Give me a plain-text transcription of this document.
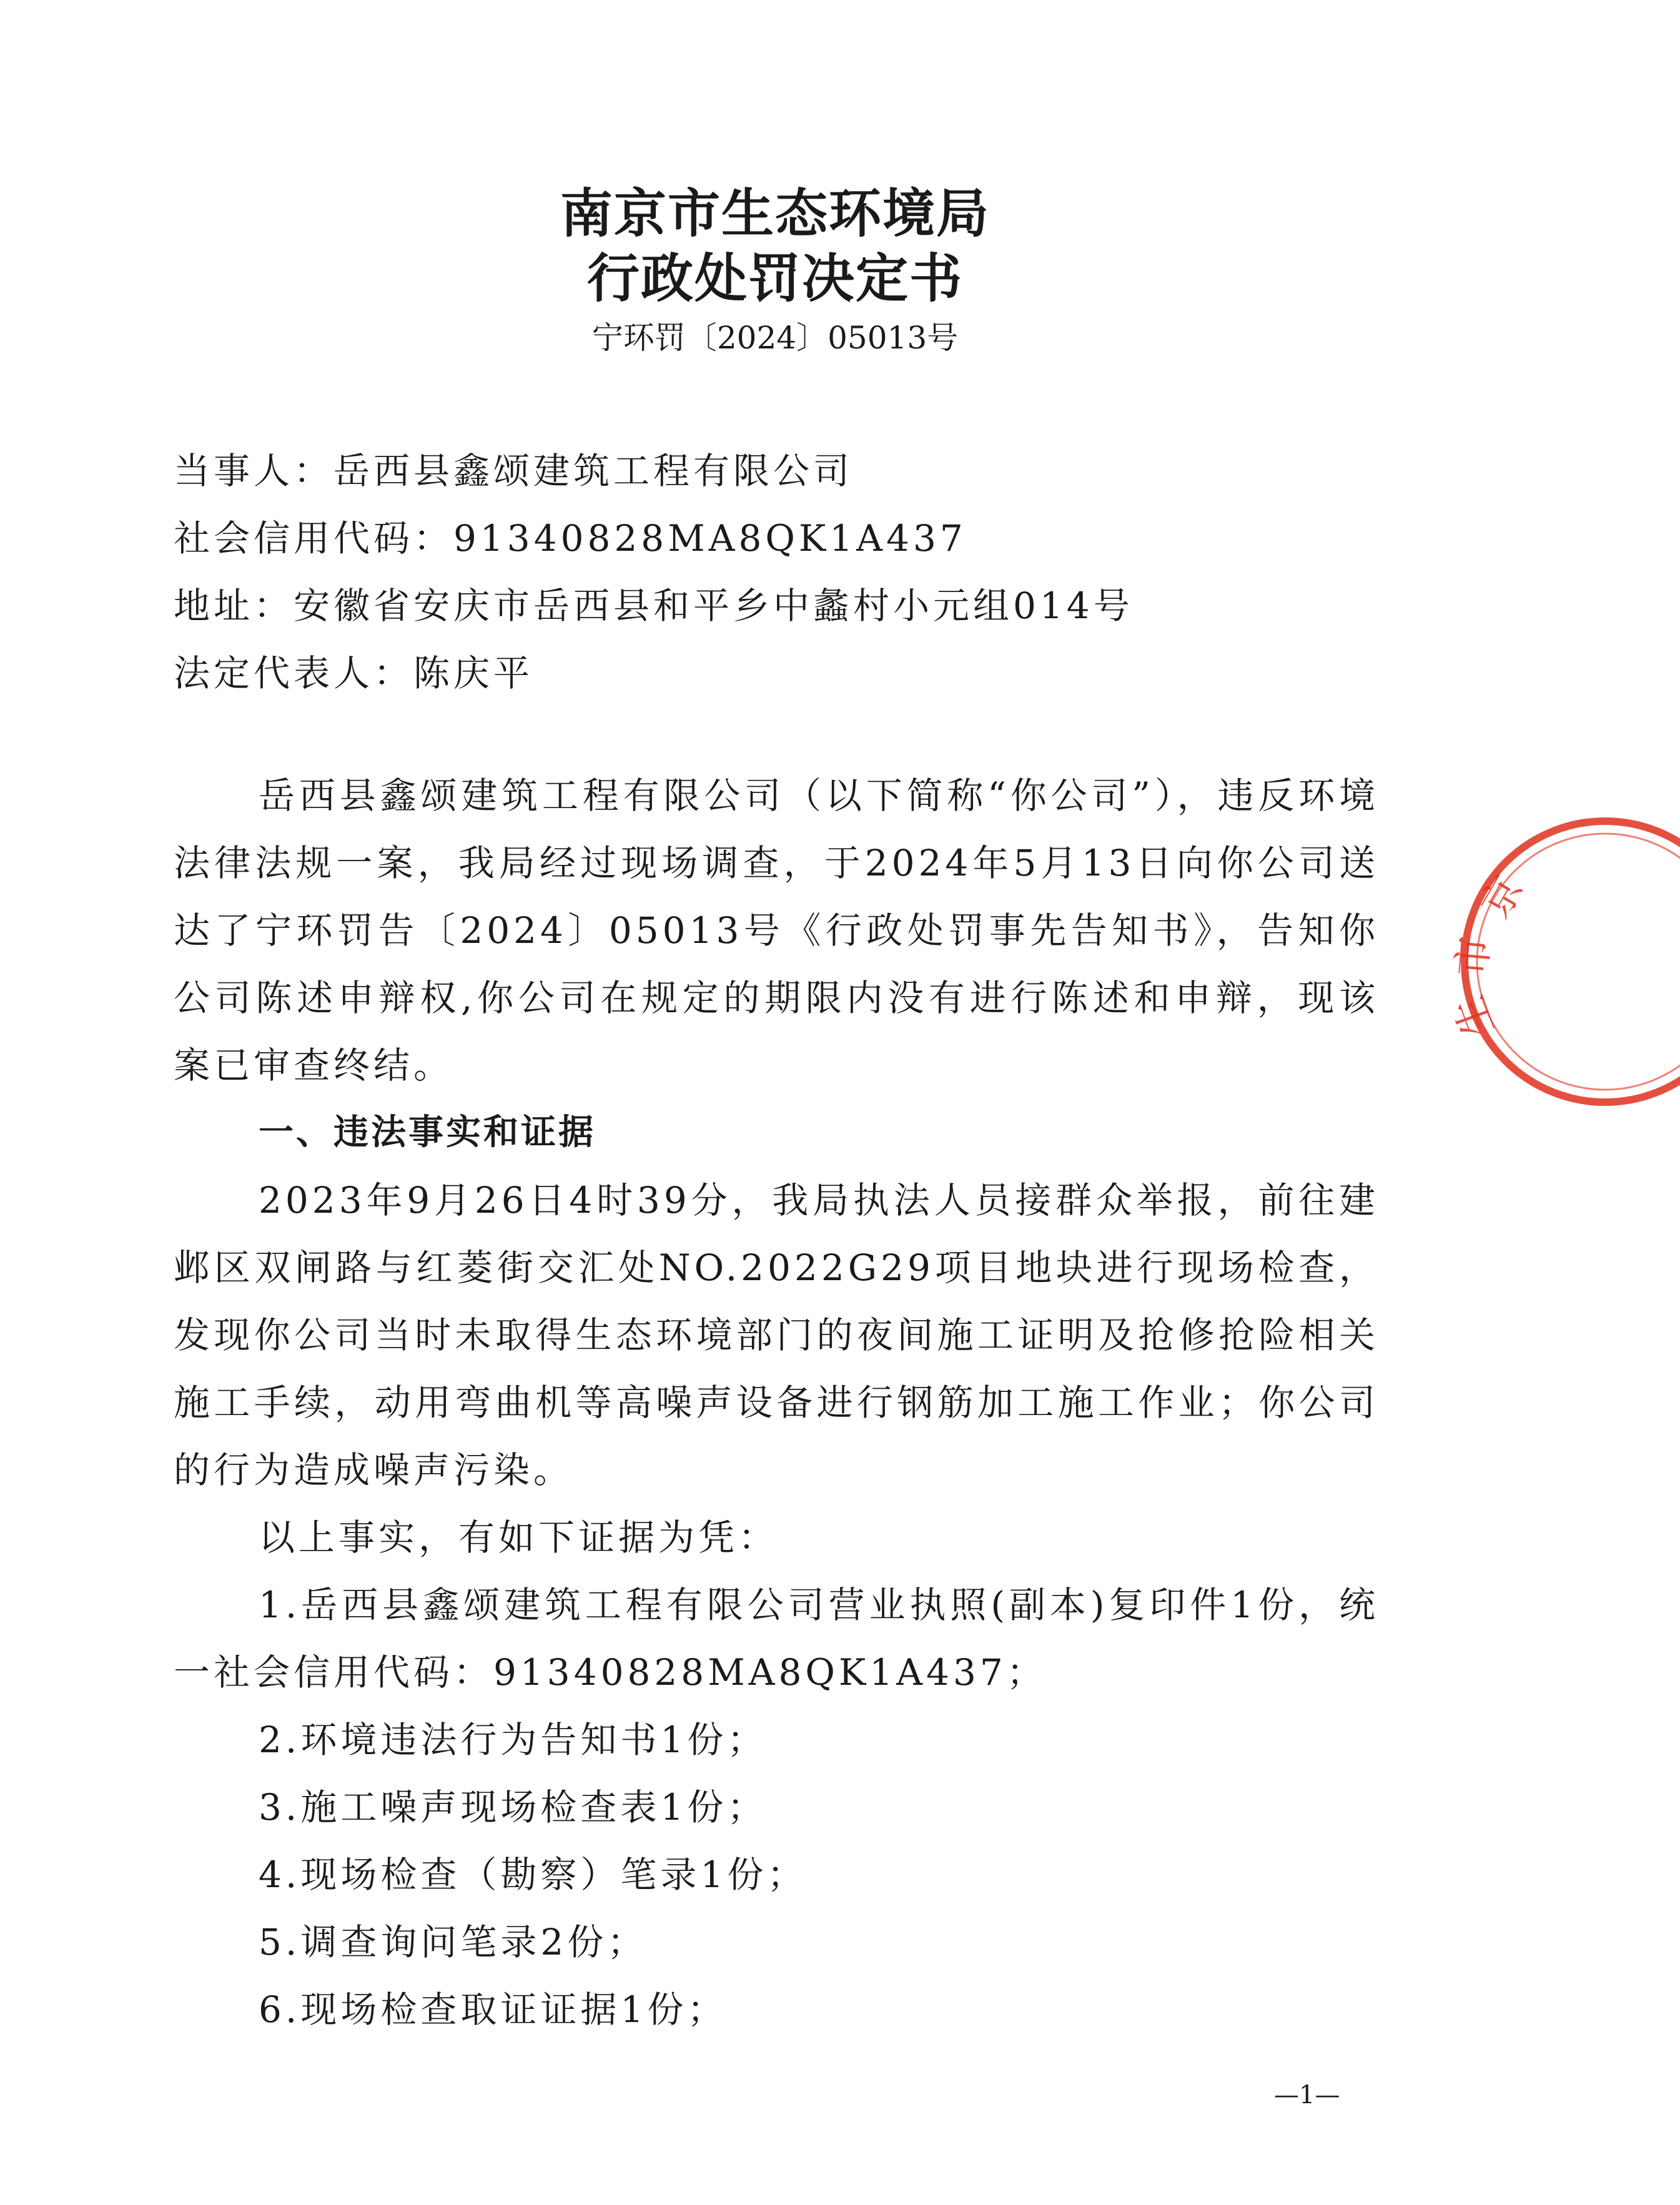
南京市生态环境局
行政处罚决定书
宁环罚〔2024〕05013号
当事人：岳西县鑫颂建筑工程有限公司
社会信用代码：91340828MA8QK1A437
地址：安徽省安庆市岳西县和平乡中蠡村小元组014号
法定代表人：陈庆平

岳西县鑫颂建筑工程有限公司（以下简称“你公司”），违反环境法律法规一案，我局经过现场调查，于2024年5月13日向你公司送达了宁环罚告〔2024〕05013号《行政处罚事先告知书》，告知你公司陈述申辩权,你公司在规定的期限内没有进行陈述和申辩，现该案已审查终结。

一、违法事实和证据

2023年9月26日4时39分，我局执法人员接群众举报，前往建邺区双闸路与红菱街交汇处NO.2022G29项目地块进行现场检查，发现你公司当时未取得生态环境部门的夜间施工证明及抢修抢险相关施工手续，动用弯曲机等高噪声设备进行钢筋加工施工作业；你公司的行为造成噪声污染。

以上事实，有如下证据为凭：

1.岳西县鑫颂建筑工程有限公司营业执照(副本)复印件1份，统一社会信用代码：91340828MA8QK1A437；

2.环境违法行为告知书1份；

3.施工噪声现场检查表1份；

4.现场检查（勘察）笔录1份；

5.调查询问笔录2份；

6.现场检查取证证据1份；

京
市
生
—1—
